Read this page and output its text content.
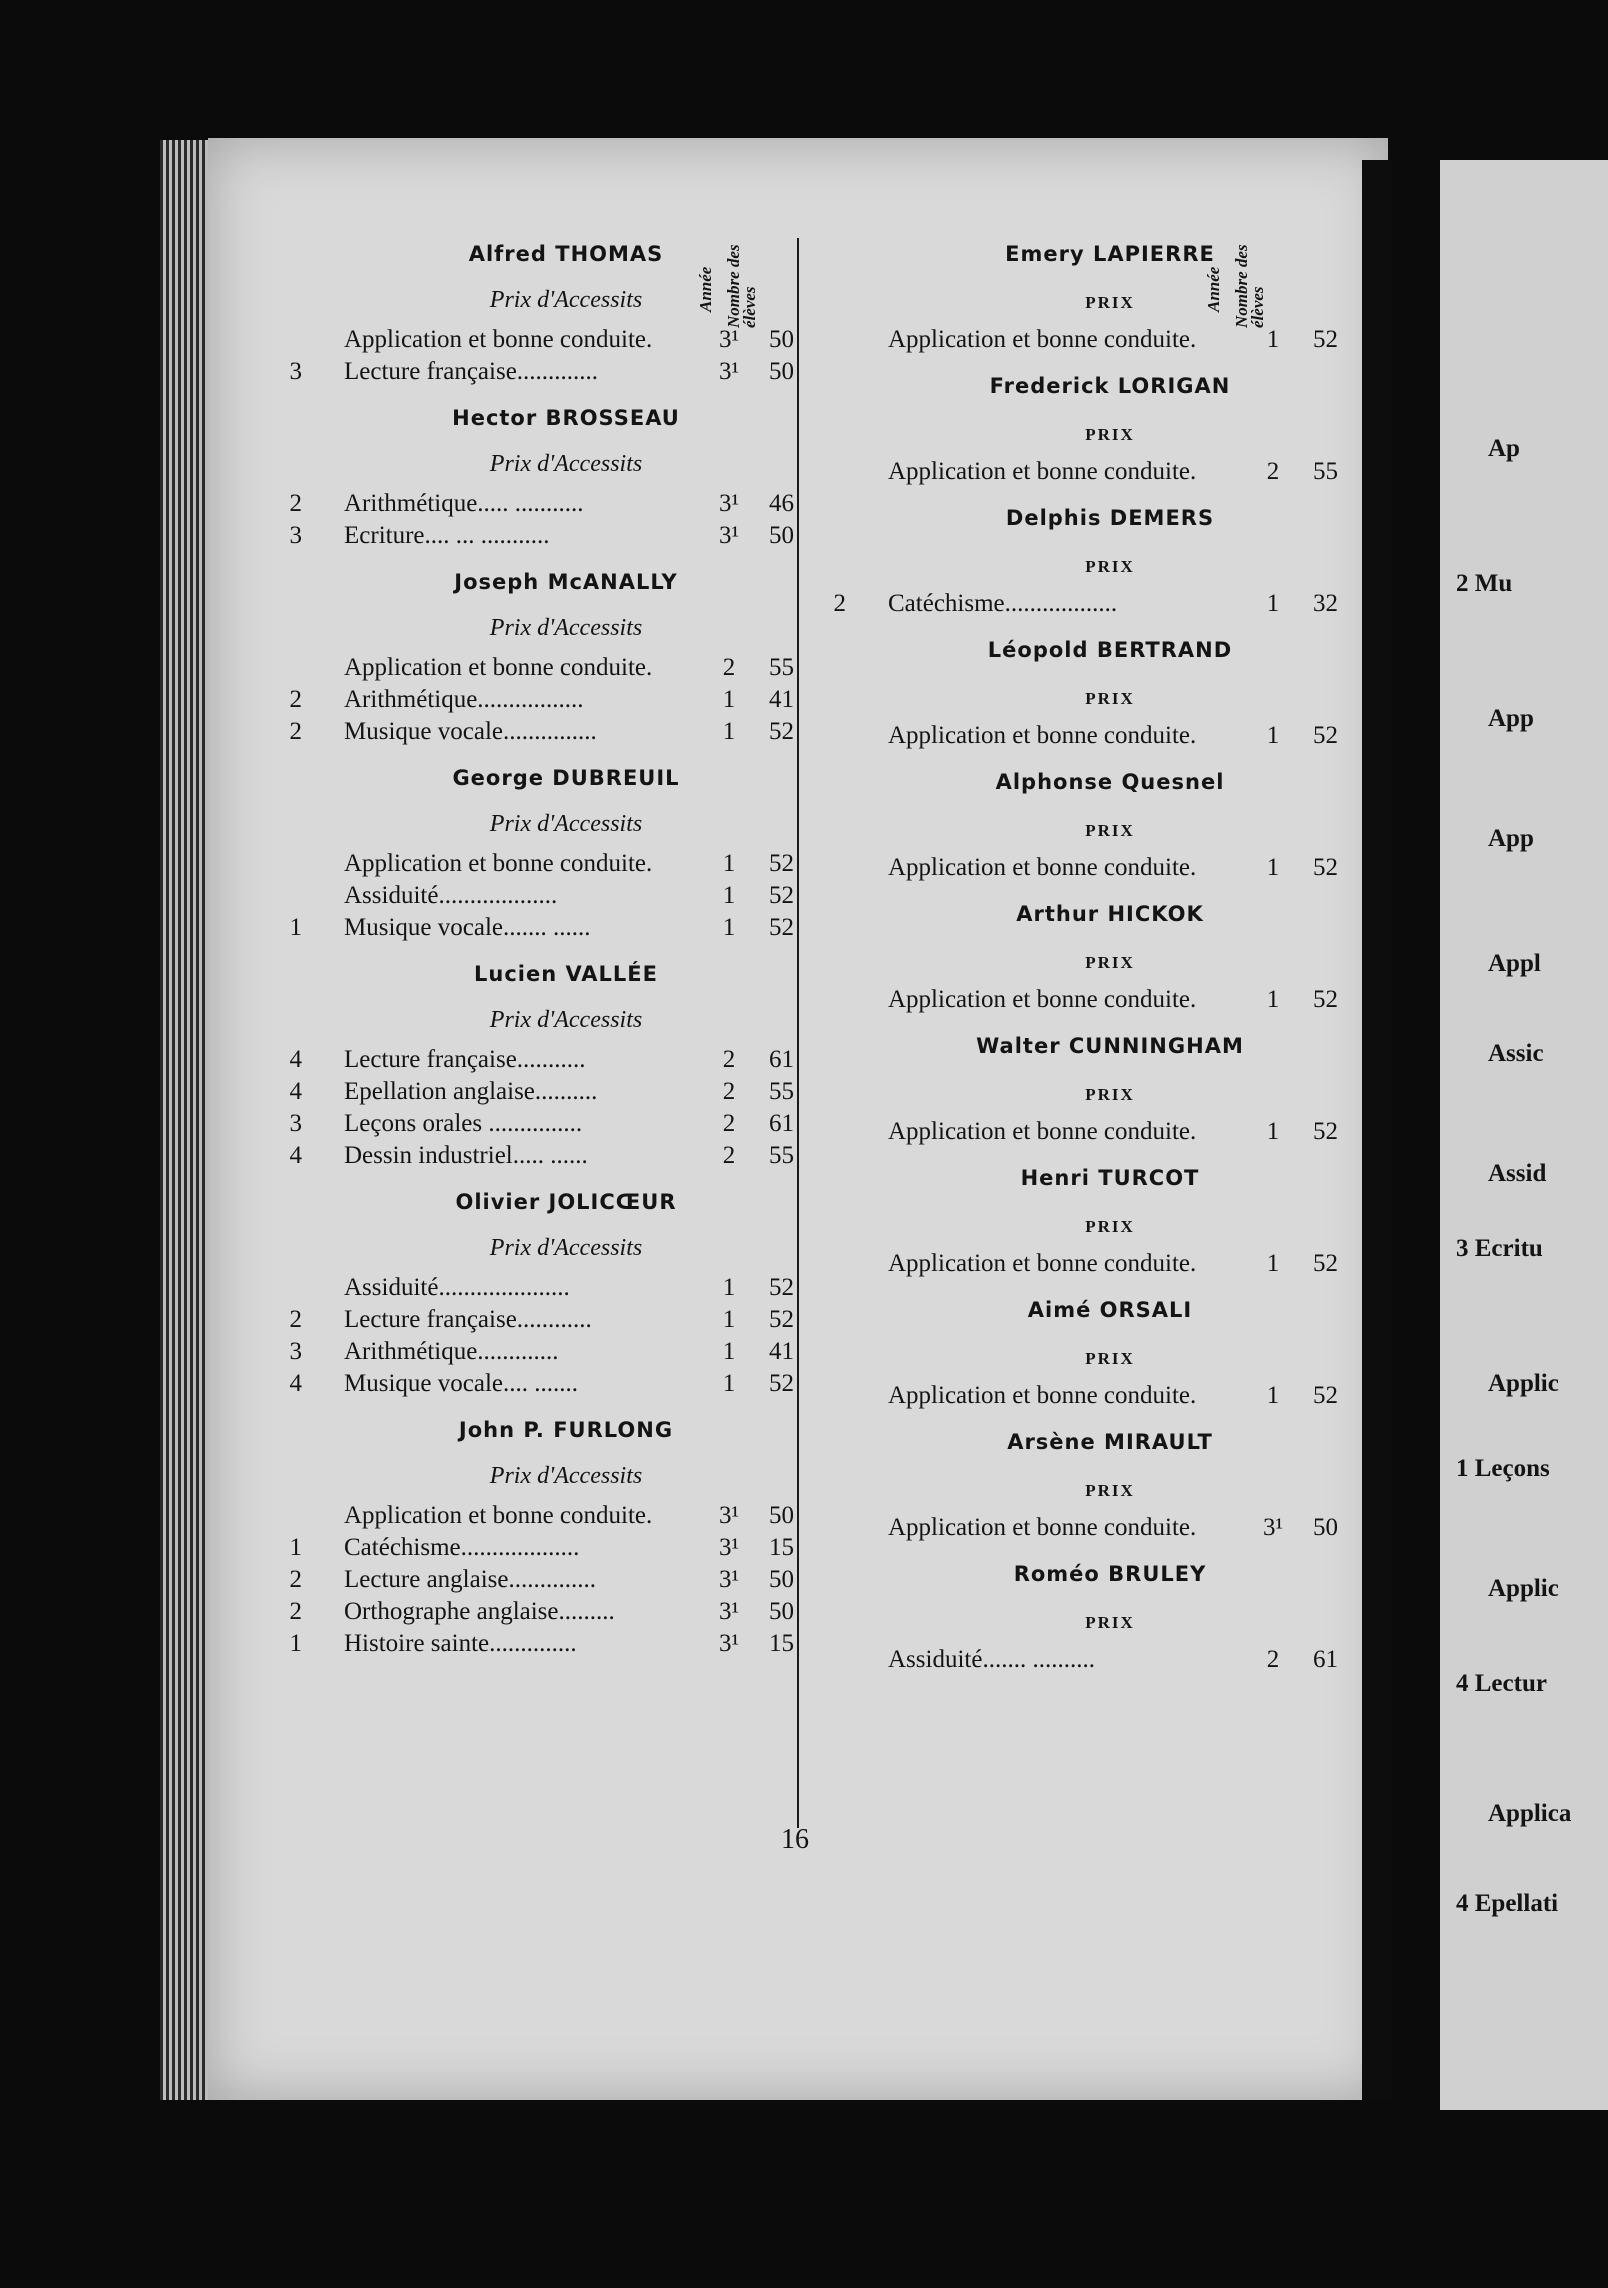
Ap
2 Mu
App
App
Appl
Assic
Assid
3 Ecritu
Applic
1 Leçons
Applic
4 Lectur
Applica
4 Epellati
Année Nombre des élèves	Année Nombre des élèves
Alfred THOMAS
Prix d'Accessits
Application et bonne conduite.	3¹	50
3 Lecture française.............	3¹	50
Hector BROSSEAU
Prix d'Accessits
2 Arithmétique..... ...........	3¹	46
3 Ecriture.... ... ...........	3¹	50
Joseph McANALLY
Prix d'Accessits
Application et bonne conduite.	2	55
2 Arithmétique.................	1	41
2 Musique vocale...............	1	52
George DUBREUIL
Prix d'Accessits
Application et bonne conduite.	1	52
Assiduité...................	1	52
1 Musique vocale....... ......	1	52
Lucien VALLÉE
Prix d'Accessits
4 Lecture française...........	2	61
4 Epellation anglaise..........	2	55
3 Leçons orales ...............	2	61
4 Dessin industriel..... ......	2	55
Olivier JOLICŒUR
Prix d'Accessits
Assiduité.....................	1	52
2 Lecture française............	1	52
3 Arithmétique.............	1	41
4 Musique vocale.... .......	1	52
John P. FURLONG
Prix d'Accessits
Application et bonne conduite.	3¹	50
1 Catéchisme...................	3¹	15
2 Lecture anglaise..............	3¹	50
2 Orthographe anglaise.........	3¹	50
1 Histoire sainte..............	3¹	15
Emery LAPIERRE
PRIX
Application et bonne conduite.	1	52
Frederick LORIGAN
PRIX
Application et bonne conduite.	2	55
Delphis DEMERS
PRIX
2 Catéchisme..................	1	32
Léopold BERTRAND
PRIX
Application et bonne conduite.	1	52
Alphonse Quesnel
PRIX
Application et bonne conduite.	1	52
Arthur HICKOK
PRIX
Application et bonne conduite.	1	52
Walter CUNNINGHAM
PRIX
Application et bonne conduite.	1	52
Henri TURCOT
PRIX
Application et bonne conduite.	1	52
Aimé ORSALI
PRIX
Application et bonne conduite.	1	52
Arsène MIRAULT
PRIX
Application et bonne conduite.	3¹	50
Roméo BRULEY
PRIX
Assiduité....... ..........	2	61
16
